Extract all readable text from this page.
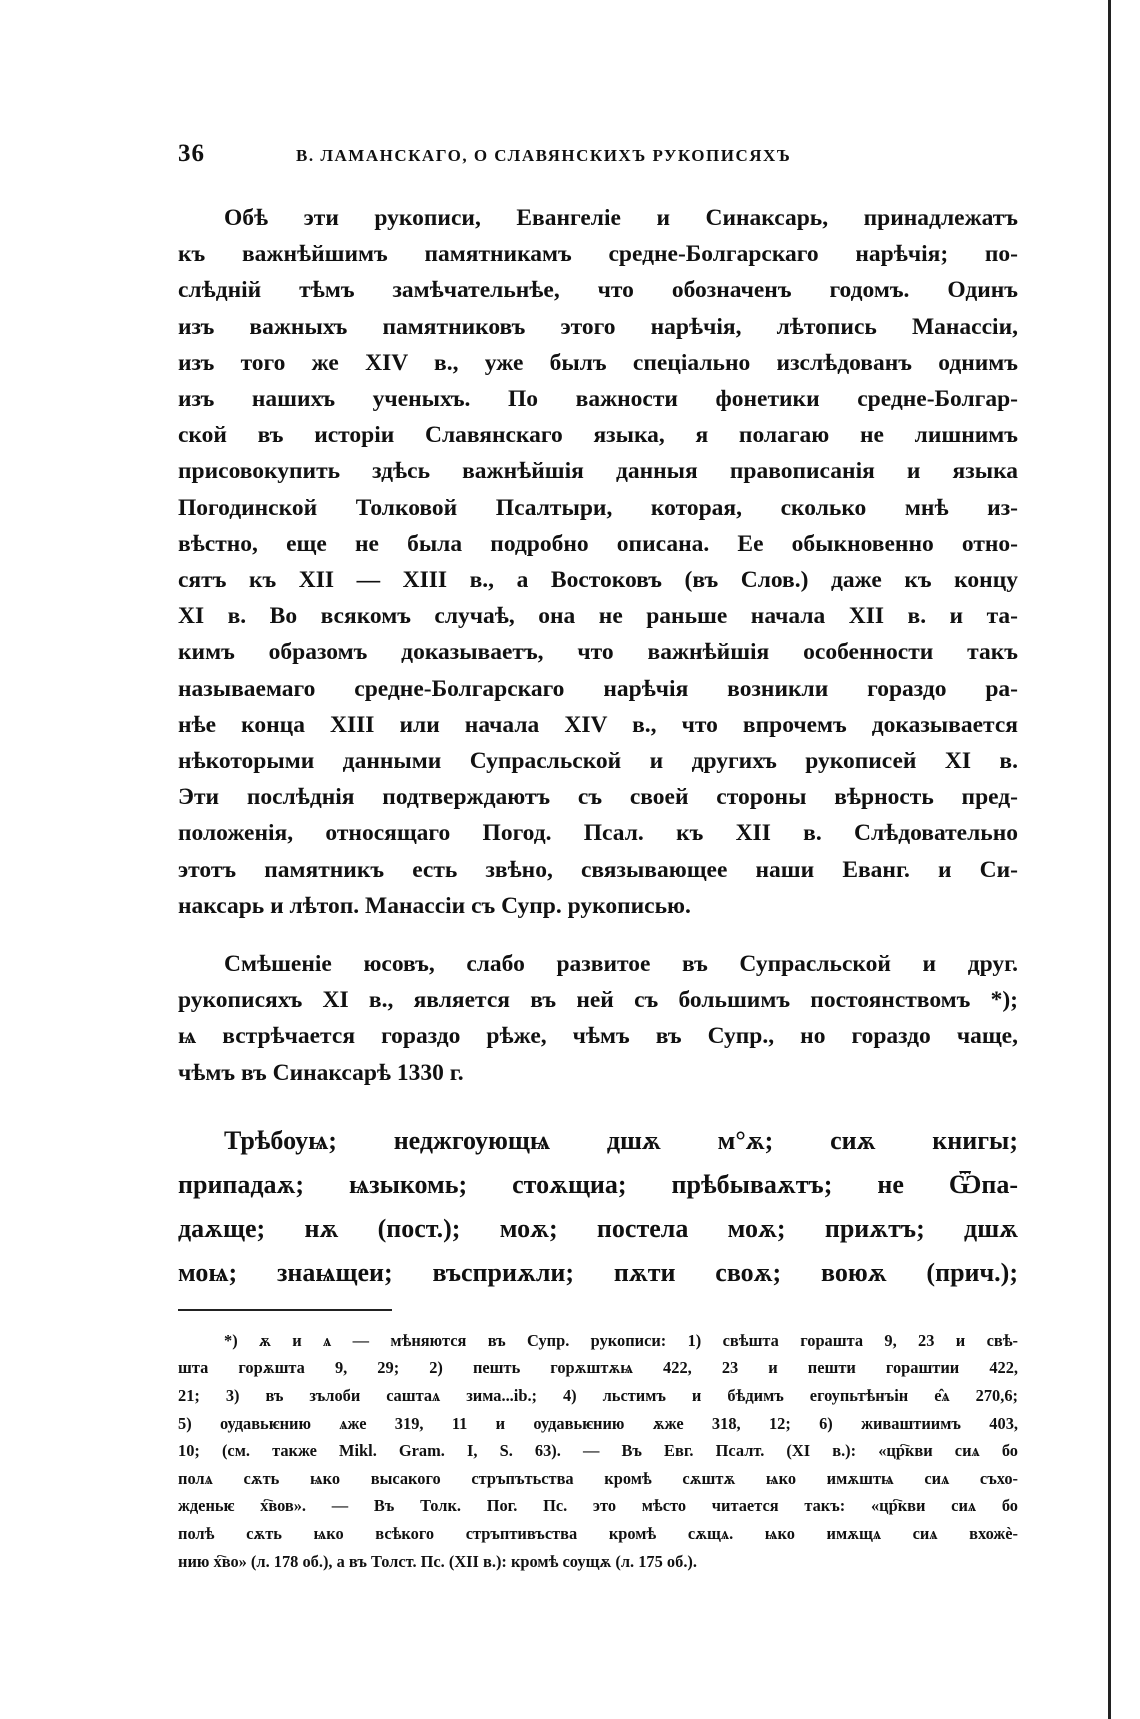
36	В. ЛАМАНСКАГО, О СЛАВЯНСКИХЪ РУКОПИСЯХЪ

Обѣ эти рукописи, Евангеліе и Синаксарь, принадлежатъ
къ важнѣйшимъ памятникамъ средне-Болгарскаго нарѣчія; по-
слѣдній тѣмъ замѣчательнѣе, что обозначенъ годомъ. Одинъ
изъ важныхъ памятниковъ этого нарѣчія, лѣтопись Манассіи,
изъ того же XIV в., уже былъ спеціально изслѣдованъ однимъ
изъ нашихъ ученыхъ. По важности фонетики средне-Болгар-
ской въ исторіи Славянскаго языка, я полагаю не лишнимъ
присовокупить здѣсь важнѣйшія данныя правописанія и языка
Погодинской Толковой Псалтыри, которая, сколько мнѣ из-
вѣстно, еще не была подробно описана. Ее обыкновенно отно-
сятъ къ XII — XIII в., а Востоковъ (въ Слов.) даже къ концу
XI в. Во всякомъ случаѣ, она не раньше начала XII в. и та-
кимъ образомъ доказываетъ, что важнѣйшія особенности такъ
называемаго средне-Болгарскаго нарѣчія возникли гораздо ра-
нѣе конца XIII или начала XIV в., что впрочемъ доказывается
нѣкоторыми данными Супрасльской и другихъ рукописей XI в.
Эти послѣднія подтверждаютъ съ своей стороны вѣрность пред-
положенія, относящаго Погод. Псал. къ XII в. Слѣдовательно
этотъ памятникъ есть звѣно, связывающее наши Еванг. и Си-
наксарь и лѣтоп. Манассіи съ Супр. рукописью.

Смѣшеніе юсовъ, слабо развитое въ Супрасльской и друг.
рукописяхъ XI в., является въ ней съ большимъ постоянствомъ *);
ѩ встрѣчается гораздо рѣже, чѣмъ въ Супр., но гораздо чаще,
чѣмъ въ Синаксарѣ 1330 г.

Трѣбоуѩ; неджгоующѩ дшѫ м°ѫ; сиѫ книгы;
припадаѫ; ѩзыкомь; стоѫщиа; прѣбываѫтъ; не Ѿпа-
даѫще; нѫ (пост.); моѫ; постела моѫ; приѫтъ; дшѫ
моѩ; знаѩщеи; въсприѫли; пѫти своѫ; воюѫ (прич.);

*) ѫ и ѧ — мѣняются въ Супр. рукописи: 1) свѣшта горашта 9, 23 и свѣ-
шта горѫшта 9, 29; 2) пешть горѫштѫѩ 422, 23 и пешти горaштии 422,
21; 3) въ зълоби сaштаѧ зима...ib.; 4) льстимъ и бѣдимъ егоупьтѣнъiн е̂ѧ 270,6;
5) оудавьѥнию ѧже 319, 11 и оудавьѥнию ѫже 318, 12; 6) живaштиимъ 403,
10; (см. также Mikl. Gram. I, S. 63). — Въ Евг. Псалт. (XI в.): «цр҇кви сиѧ бо
полѧ сѫть ѩко высакого стръпътьства кромѣ сѫштѫ ѩко имѫштѩ сиѧ съхо-
жденьѥ х҇вов». — Въ Толк. Пог. Пс. это мѣсто читается такъ: «цр҇кви сиѧ бо
полѣ сѫть ѩко всѣкого стръптивъства кромѣ сѫщѧ. ѩко имѫщѧ сиѧ вхожѐ-
нию х҇во» (л. 178 об.), а въ Толст. Пс. (XII в.): кромѣ соущѫ (л. 175 об.).
